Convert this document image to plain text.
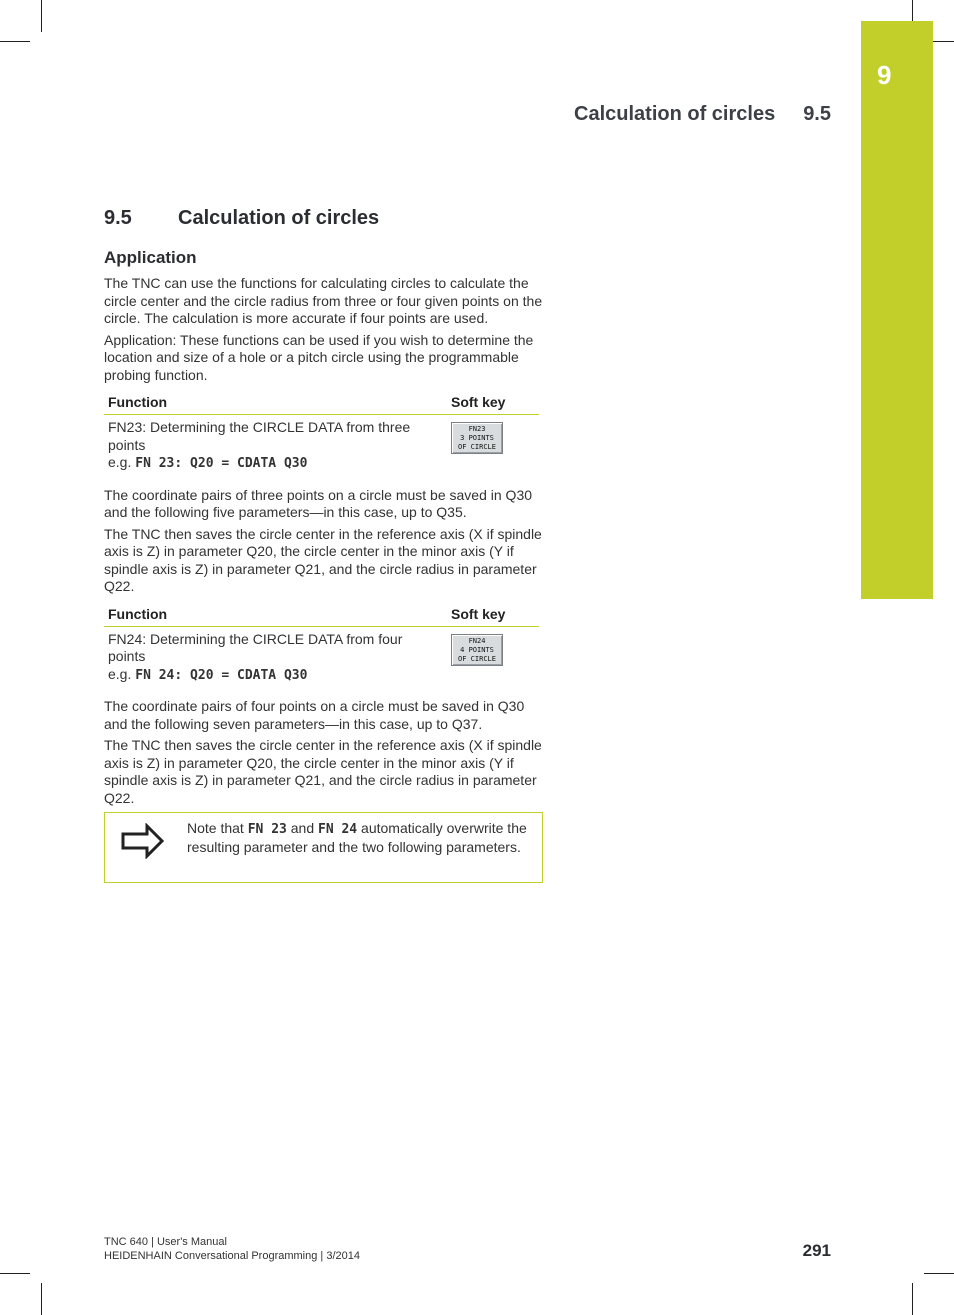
9
Calculation of circles 9.5
9.5 Calculation of circles
Application

The TNC can use the functions for calculating circles to calculate the circle center and the circle radius from three or four given points on the circle. The calculation is more accurate if four points are used.

Application: These functions can be used if you wish to determine the location and size of a hole or a pitch circle using the programmable probing function.

Function	Soft key
FN23: Determining the CIRCLE DATA from three points
e.g. FN 23: Q20 = CDATA Q30	FN23
3 POINTS
OF CIRCLE

The coordinate pairs of three points on a circle must be saved in Q30 and the following five parameters—in this case, up to Q35.

The TNC then saves the circle center in the reference axis (X if spindle axis is Z) in parameter Q20, the circle center in the minor axis (Y if spindle axis is Z) in parameter Q21, and the circle radius in parameter Q22.

Function	Soft key
FN24: Determining the CIRCLE DATA from four points
e.g. FN 24: Q20 = CDATA Q30	FN24
4 POINTS
OF CIRCLE

The coordinate pairs of four points on a circle must be saved in Q30 and the following seven parameters—in this case, up to Q37.

The TNC then saves the circle center in the reference axis (X if spindle axis is Z) in parameter Q20, the circle center in the minor axis (Y if spindle axis is Z) in parameter Q21, and the circle radius in parameter Q22.

Note that FN 23 and FN 24 automatically overwrite the resulting parameter and the two following parameters.
TNC 640 | User's Manual
HEIDENHAIN Conversational Programming | 3/2014	291
